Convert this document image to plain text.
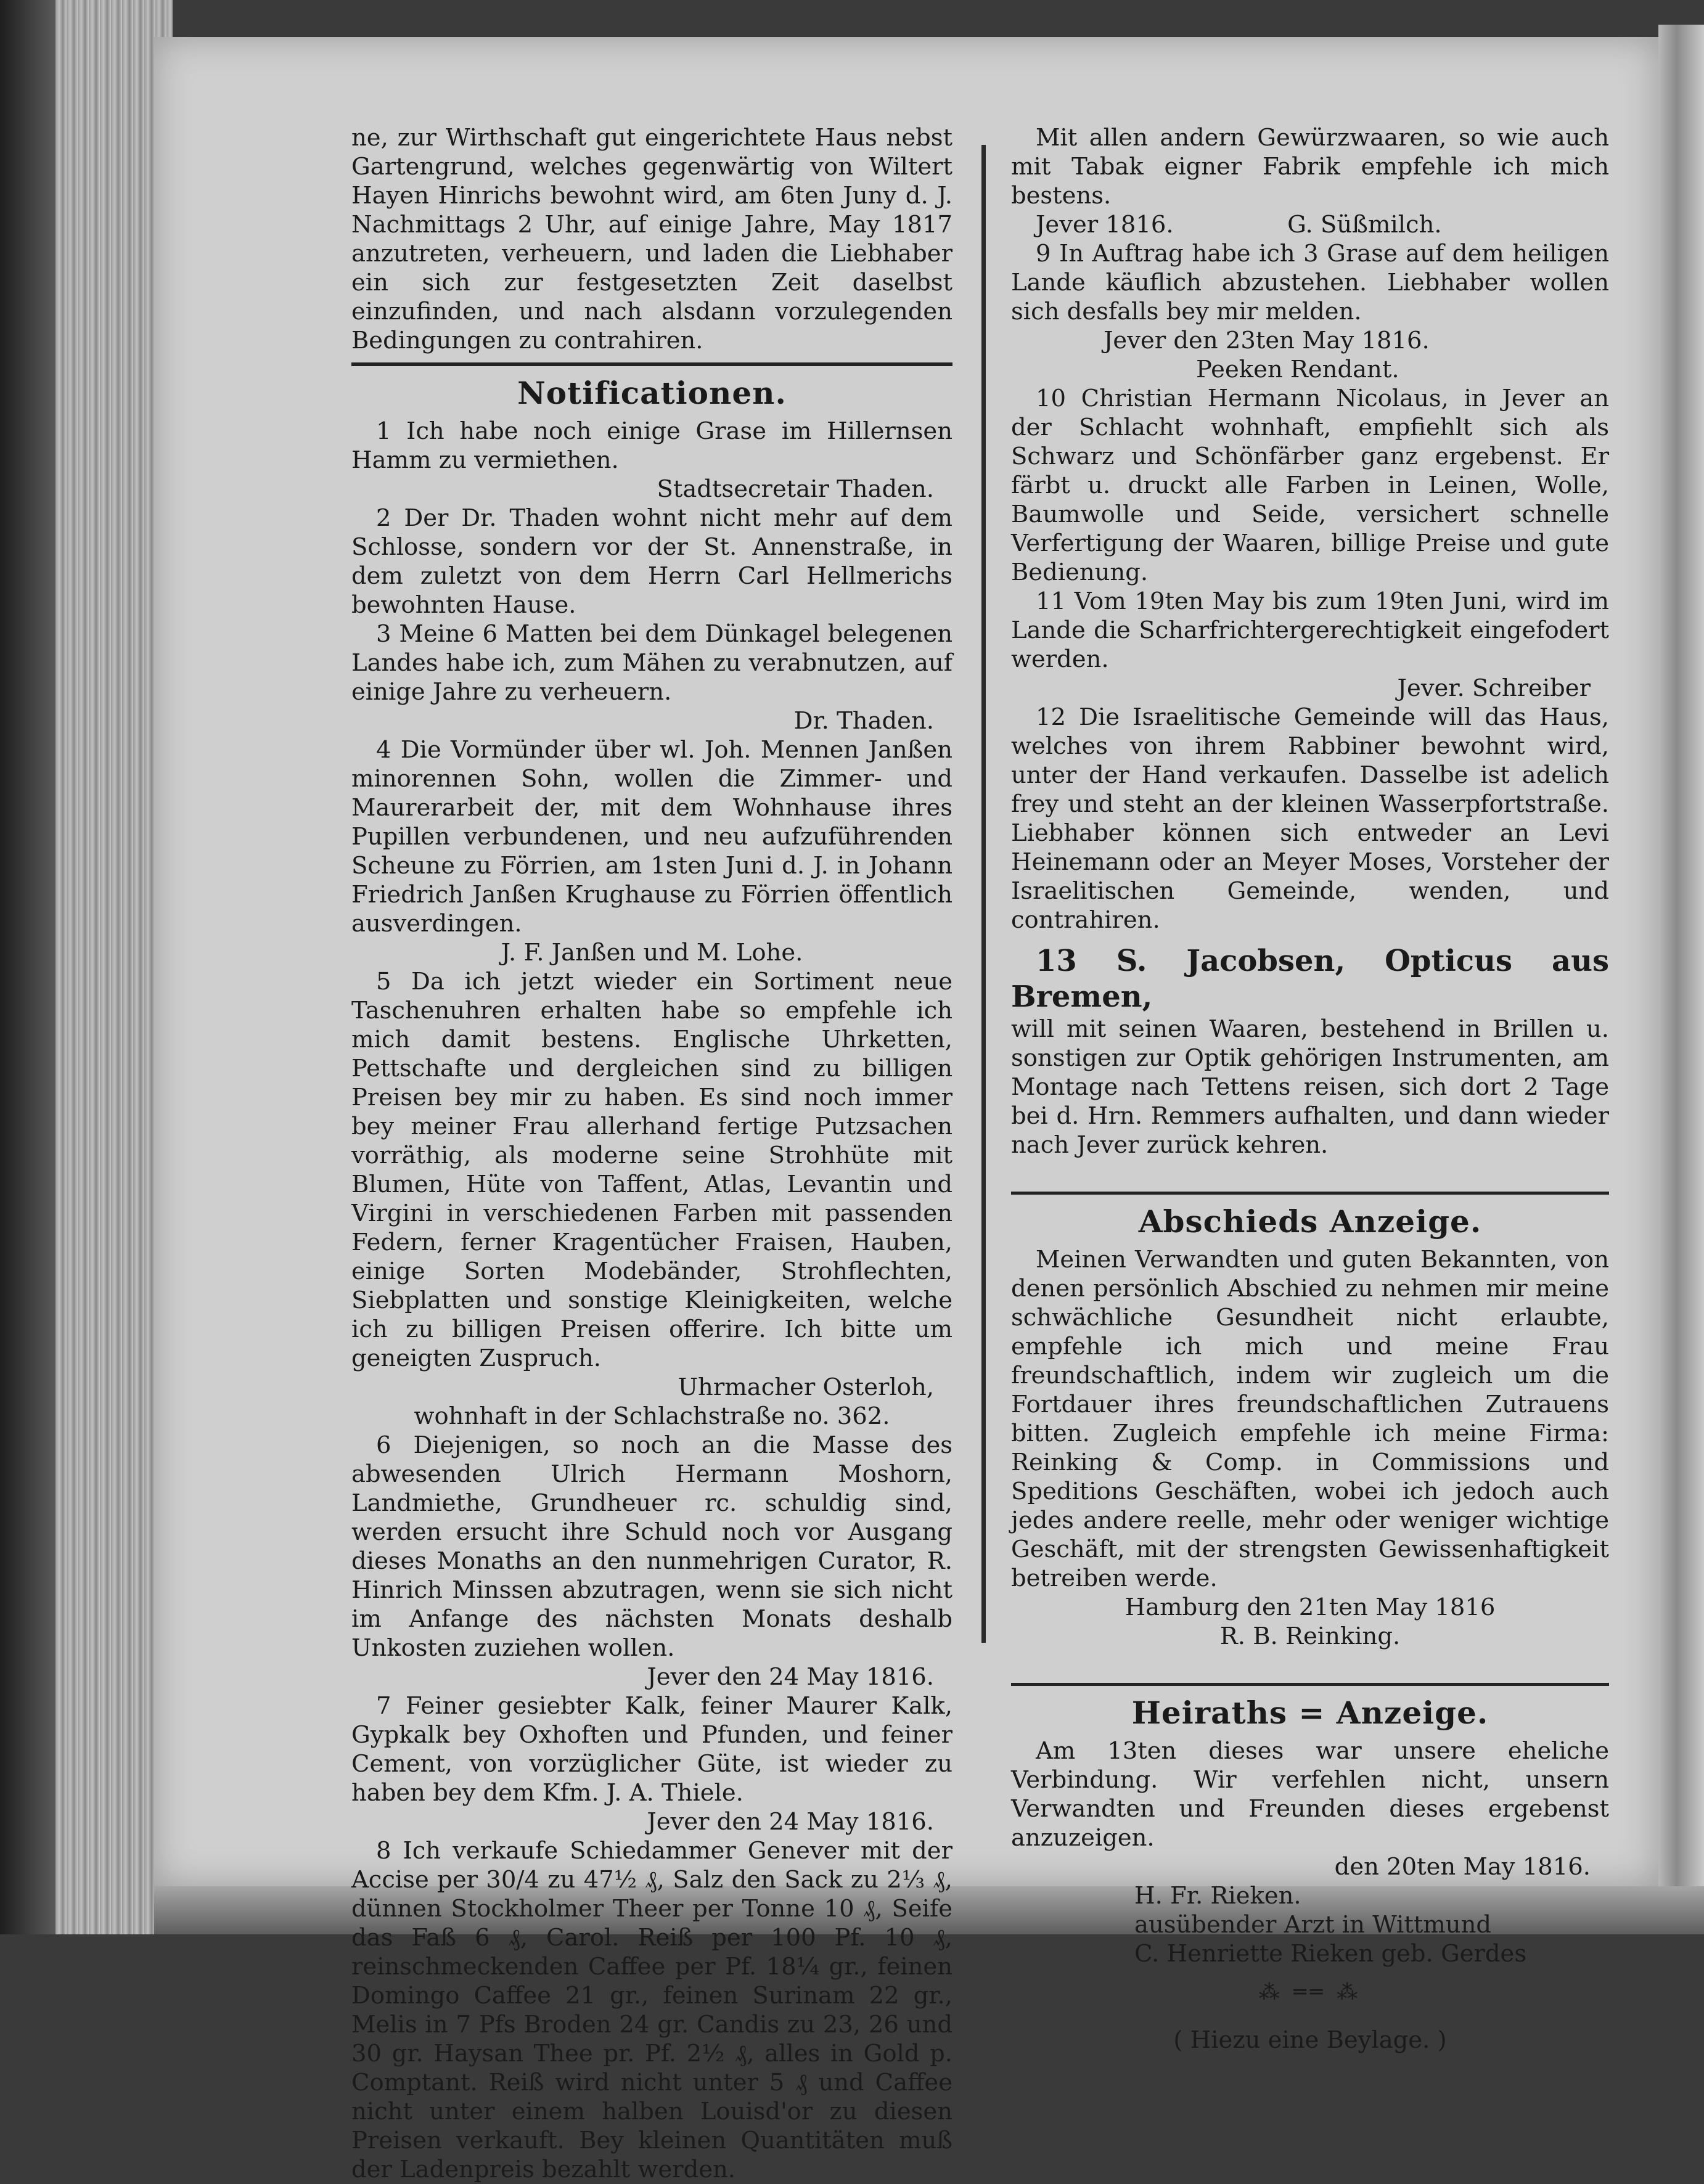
ne, zur Wirthschaft gut eingerichtete Haus nebst Gartengrund, welches gegenwärtig von Wiltert Hayen Hinrichs bewohnt wird, am 6ten Juny d. J. Nachmittags 2 Uhr, auf einige Jahre, May 1817 anzutreten, verheuern, und laden die Liebhaber ein sich zur festgesetzten Zeit daselbst einzufinden, und nach alsdann vorzulegenden Bedingungen zu contrahiren.

Notificationen.

1 Ich habe noch einige Grase im Hillernsen Hamm zu vermiethen.

Stadtsecretair Thaden.

2 Der Dr. Thaden wohnt nicht mehr auf dem Schlosse, sondern vor der St. Annenstraße, in dem zuletzt von dem Herrn Carl Hellmerichs bewohnten Hause.

3 Meine 6 Matten bei dem Dünkagel belegenen Landes habe ich, zum Mähen zu verabnutzen, auf einige Jahre zu verheuern.

Dr. Thaden.

4 Die Vormünder über wl. Joh. Mennen Janßen minorennen Sohn, wollen die Zimmer- und Maurerarbeit der, mit dem Wohnhause ihres Pupillen verbundenen, und neu aufzuführenden Scheune zu Förrien, am 1sten Juni d. J. in Johann Friedrich Janßen Krughause zu Förrien öffentlich ausverdingen.

J. F. Janßen und M. Lohe.

5 Da ich jetzt wieder ein Sortiment neue Taschenuhren erhalten habe so empfehle ich mich damit bestens. Englische Uhrketten, Pettschafte und dergleichen sind zu billigen Preisen bey mir zu haben. Es sind noch immer bey meiner Frau allerhand fertige Putzsachen vorräthig, als moderne seine Strohhüte mit Blumen, Hüte von Taffent, Atlas, Levantin und Virgini in verschiedenen Farben mit passenden Federn, ferner Kragentücher Fraisen, Hauben, einige Sorten Modebänder, Strohflechten, Siebplatten und sonstige Kleinigkeiten, welche ich zu billigen Preisen offerire. Ich bitte um geneigten Zuspruch.

Uhrmacher Osterloh,

wohnhaft in der Schlachstraße no. 362.

6 Diejenigen, so noch an die Masse des abwesenden Ulrich Hermann Moshorn, Landmiethe, Grundheuer rc. schuldig sind, werden ersucht ihre Schuld noch vor Ausgang dieses Monaths an den nunmehrigen Curator, R. Hinrich Minssen abzutragen, wenn sie sich nicht im Anfange des nächsten Monats deshalb Unkosten zuziehen wollen.

Jever den 24 May 1816.

7 Feiner gesiebter Kalk, feiner Maurer Kalk, Gypkalk bey Oxhoften und Pfunden, und feiner Cement, von vorzüglicher Güte, ist wieder zu haben bey dem Kfm. J. A. Thiele.

Jever den 24 May 1816.

8 Ich verkaufe Schiedammer Genever mit der Accise per 30/4 zu 47½ ₰, Salz den Sack zu 2⅓ ₰, dünnen Stockholmer Theer per Tonne 10 ₰, Seife das Faß 6 ₰, Carol. Reiß per 100 Pf. 10 ₰, reinschmeckenden Caffee per Pf. 18¼ gr., feinen Domingo Caffee 21 gr., feinen Surinam 22 gr., Melis in 7 Pfs Broden 24 gr. Candis zu 23, 26 und 30 gr. Haysan Thee pr. Pf. 2½ ₰, alles in Gold p. Comptant. Reiß wird nicht unter 5 ₰ und Caffee nicht unter einem halben Louisd'or zu diesen Preisen verkauft. Bey kleinen Quantitäten muß der Ladenpreis bezahlt werden.

Mit allen andern Gewürzwaaren, so wie auch mit Tabak eigner Fabrik empfehle ich mich bestens.

Jever 1816.	G. Süßmilch.

9 In Auftrag habe ich 3 Grase auf dem heiligen Lande käuflich abzustehen. Liebhaber wollen sich desfalls bey mir melden.

Jever den 23ten May 1816.

Peeken Rendant.

10 Christian Hermann Nicolaus, in Jever an der Schlacht wohnhaft, empfiehlt sich als Schwarz und Schönfärber ganz ergebenst. Er färbt u. druckt alle Farben in Leinen, Wolle, Baumwolle und Seide, versichert schnelle Verfertigung der Waaren, billige Preise und gute Bedienung.

11 Vom 19ten May bis zum 19ten Juni, wird im Lande die Scharfrichtergerechtigkeit eingefodert werden.

Jever. Schreiber

12 Die Israelitische Gemeinde will das Haus, welches von ihrem Rabbiner bewohnt wird, unter der Hand verkaufen. Dasselbe ist adelich frey und steht an der kleinen Wasserpfortstraße. Liebhaber können sich entweder an Levi Heinemann oder an Meyer Moses, Vorsteher der Israelitischen Gemeinde, wenden, und contrahiren.

13 S. Jacobsen, Opticus aus Bremen,

will mit seinen Waaren, bestehend in Brillen u. sonstigen zur Optik gehörigen Instrumenten, am Montage nach Tettens reisen, sich dort 2 Tage bei d. Hrn. Remmers aufhalten, und dann wieder nach Jever zurück kehren.

Abschieds Anzeige.

Meinen Verwandten und guten Bekannten, von denen persönlich Abschied zu nehmen mir meine schwächliche Gesundheit nicht erlaubte, empfehle ich mich und meine Frau freundschaftlich, indem wir zugleich um die Fortdauer ihres freundschaftlichen Zutrauens bitten. Zugleich empfehle ich meine Firma: Reinking & Comp. in Commissions und Speditions Geschäften, wobei ich jedoch auch jedes andere reelle, mehr oder weniger wichtige Geschäft, mit der strengsten Gewissenhaftigkeit betreiben werde.

Hamburg den 21ten May 1816

R. B. Reinking.

Heiraths = Anzeige.

Am 13ten dieses war unsere eheliche Verbindung. Wir verfehlen nicht, unsern Verwandten und Freunden dieses ergebenst anzuzeigen.

den 20ten May 1816.

H. Fr. Rieken.

ausübender Arzt in Wittmund

C. Henriette Rieken geb. Gerdes

⁂ ══ ⁂

( Hiezu eine Beylage. )
